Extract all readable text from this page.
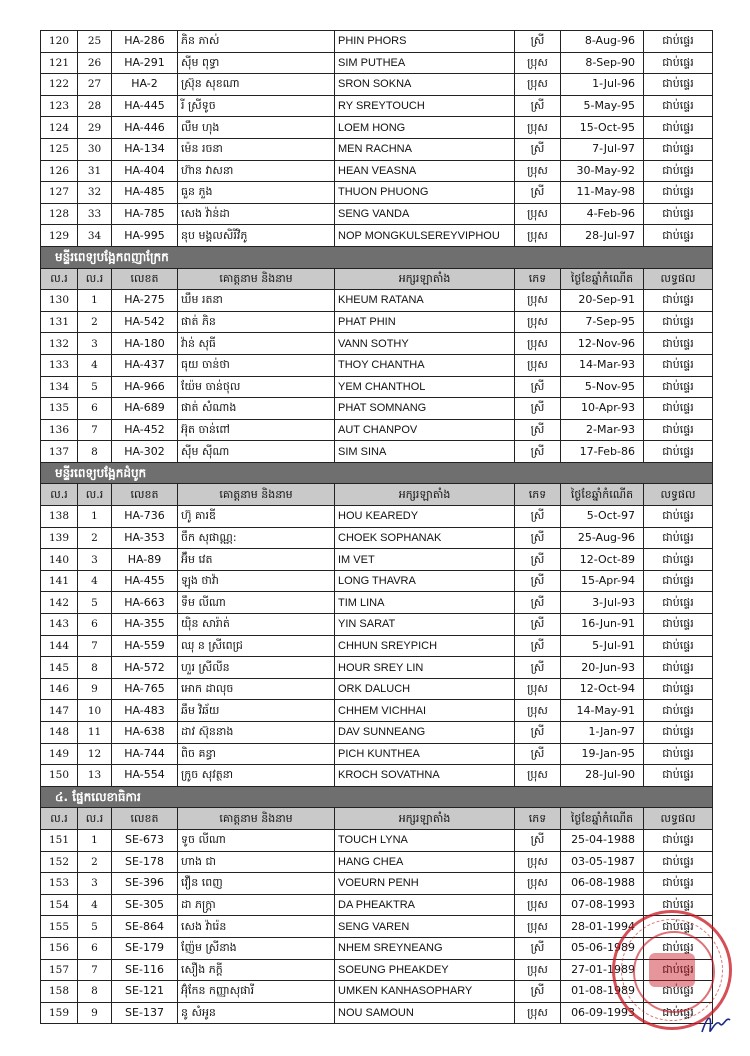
120	25	HA-286	ភិន ភាស់	PHIN PHORS	ស្រី	8-Aug-96	ជាប់ផ្ទេរ
121	26	HA-291	ស៊ីម ពុទ្ធា	SIM PUTHEA	ប្រុស	8-Sep-90	ជាប់ផ្ទេរ
122	27	HA-2	ស្រ៊ុន សុខណា	SRON SOKNA	ប្រុស	1-Jul-96	ជាប់ផ្ទេរ
123	28	HA-445	រី ស្រីទូច	RY SREYTOUCH	ស្រី	5-May-95	ជាប់ផ្ទេរ
124	29	HA-446	លឹម ហុង	LOEM HONG	ប្រុស	15-Oct-95	ជាប់ផ្ទេរ
125	30	HA-134	ម៉េន រចនា	MEN RACHNA	ស្រី	7-Jul-97	ជាប់ផ្ទេរ
126	31	HA-404	ហ៊ាន វាសនា	HEAN VEASNA	ប្រុស	30-May-92	ជាប់ផ្ទេរ
127	32	HA-485	ធួន ភួង	THUON PHUONG	ស្រី	11-May-98	ជាប់ផ្ទេរ
128	33	HA-785	សេង វ៉ាន់ដា	SENG VANDA	ប្រុស	4-Feb-96	ជាប់ផ្ទេរ
129	34	HA-995	នុប មង្គលសិរីវិភូ	NOP MONGKULSEREYVIPHOU	ប្រុស	28-Jul-97	ជាប់ផ្ទេរ
មន្ទីរពេទ្យបង្អែកពញាក្រែក							
ល.រ	ល.រ	លេខត	គោត្តនាម និងនាម	អក្សរឡាតាំង	ភេទ	ថ្ងៃខែឆ្នាំកំណើត	លទ្ធផល
130	1	HA-275	ឃឹម រតនា	KHEUM RATANA	ប្រុស	20-Sep-91	ជាប់ផ្ទេរ
131	2	HA-542	ផាត់ ភិន	PHAT PHIN	ប្រុស	7-Sep-95	ជាប់ផ្ទេរ
132	3	HA-180	វ៉ាន់ សុធី	VANN SOTHY	ប្រុស	12-Nov-96	ជាប់ផ្ទេរ
133	4	HA-437	ធុយ ចាន់ថា	THOY CHANTHA	ប្រុស	14-Mar-93	ជាប់ផ្ទេរ
134	5	HA-966	យ៉ែម ចាន់ថុល	YEM CHANTHOL	ស្រី	5-Nov-95	ជាប់ផ្ទេរ
135	6	HA-689	ផាត់ សំណាង	PHAT SOMNANG	ស្រី	10-Apr-93	ជាប់ផ្ទេរ
136	7	HA-452	អ៊ុត ចាន់ពៅ	AUT CHANPOV	ស្រី	2-Mar-93	ជាប់ផ្ទេរ
137	8	HA-302	ស៊ីម ស៊ីណា	SIM SINA	ស្រី	17-Feb-86	ជាប់ផ្ទេរ
មន្ទីរពេទ្យបង្អែកដំបូក							
ល.រ	ល.រ	លេខត	គោត្តនាម និងនាម	អក្សរឡាតាំង	ភេទ	ថ្ងៃខែឆ្នាំកំណើត	លទ្ធផល
138	1	HA-736	ហ៊ូ គារឌី	HOU KEAREDY	ស្រី	5-Oct-97	ជាប់ផ្ទេរ
139	2	HA-353	ចឹក សុផាណ្ណ:	CHOEK SOPHANAK	ស្រី	25-Aug-96	ជាប់ផ្ទេរ
140	3	HA-89	អ៊ឹម វេត	IM VET	ស្រី	12-Oct-89	ជាប់ផ្ទេរ
141	4	HA-455	ឡុង ថាវ៉ា	LONG THAVRA	ស្រី	15-Apr-94	ជាប់ផ្ទេរ
142	5	HA-663	ទឹម លីណា	TIM LINA	ស្រី	3-Jul-93	ជាប់ផ្ទេរ
143	6	HA-355	យ៉ិន សារ៉ាត់	YIN SARAT	ស្រី	16-Jun-91	ជាប់ផ្ទេរ
144	7	HA-559	ឈុ ន ស្រីពេជ្រ	CHHUN SREYPICH	ស្រី	5-Jul-91	ជាប់ផ្ទេរ
145	8	HA-572	ហួរ ស្រីលីន	HOUR SREY LIN	ស្រី	20-Jun-93	ជាប់ផ្ទេរ
146	9	HA-765	អោក ដាលុច	ORK DALUCH	ប្រុស	12-Oct-94	ជាប់ផ្ទេរ
147	10	HA-483	ឆឹម វិឆ័យ	CHHEM VICHHAI	ប្រុស	14-May-91	ជាប់ផ្ទេរ
148	11	HA-638	ដាវ ស៊ុននាង	DAV SUNNEANG	ស្រី	1-Jan-97	ជាប់ផ្ទេរ
149	12	HA-744	ពិច គន្ធា	PICH KUNTHEA	ស្រី	19-Jan-95	ជាប់ផ្ទេរ
150	13	HA-554	ក្រូច សុវត្ថនា	KROCH SOVATHNA	ប្រុស	28-Jul-90	ជាប់ផ្ទេរ
៤. ផ្នែកលេខាធិការ							
ល.រ	ល.រ	លេខត	គោត្តនាម និងនាម	អក្សរឡាតាំង	ភេទ	ថ្ងៃខែឆ្នាំកំណើត	លទ្ធផល
151	1	SE-673	ទូច លីណា	TOUCH LYNA	ស្រី	25-04-1988	ជាប់ផ្ទេរ
152	2	SE-178	ហាង ជា	HANG CHEA	ប្រុស	03-05-1987	ជាប់ផ្ទេរ
153	3	SE-396	វឿន ពេញ	VOEURN PENH	ប្រុស	06-08-1988	ជាប់ផ្ទេរ
154	4	SE-305	ដា ភក្ត្រា	DA PHEAKTRA	ប្រុស	07-08-1993	ជាប់ផ្ទេរ
155	5	SE-864	សេង វ៉ារ៉េន	SENG VAREN	ប្រុស	28-01-1994	ជាប់ផ្ទេរ
156	6	SE-179	ញ៉ែម ស្រីនាង	NHEM SREYNEANG	ស្រី	05-06-1989	ជាប់ផ្ទេរ
157	7	SE-116	សឿង ភក្តី	SOEUNG PHEAKDEY	ប្រុស	27-01-1989	ជាប់ផ្ទេរ
158	8	SE-121	អ៊ុំកែន កញ្ញាសុផារី	UMKEN KANHASOPHARY	ស្រី	01-08-1989	ជាប់ផ្ទេរ
159	9	SE-137	នូ សំអូន	NOU SAMOUN	ប្រុស	06-09-1993	ជាប់ផ្ទេរ
